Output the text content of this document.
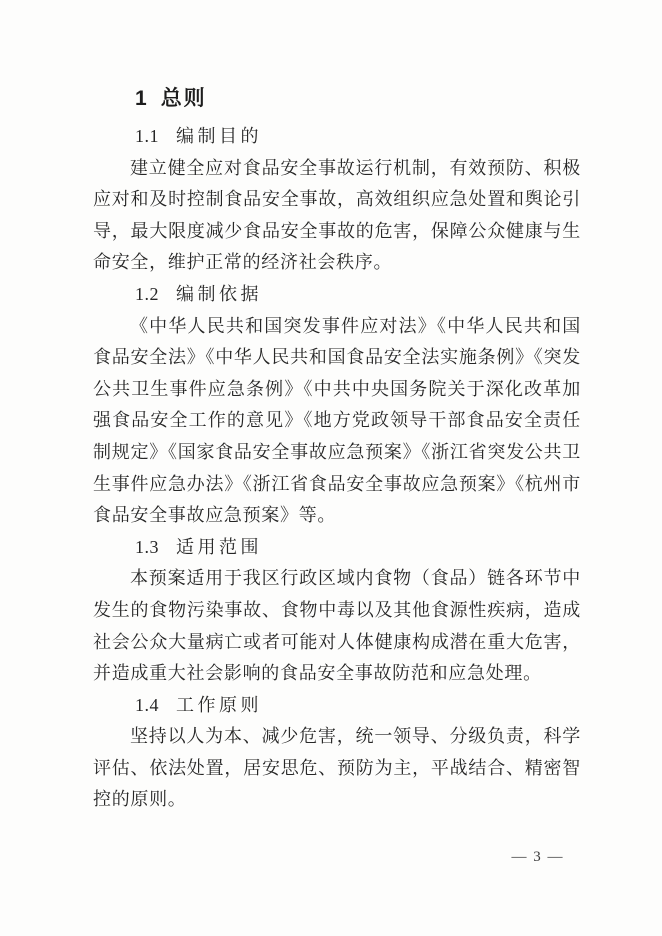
1 总则
1.1 编制目的

建立健全应对食品安全事故运行机制，有效预防、积极应对和及时控制食品安全事故，高效组织应急处置和舆论引导，最大限度减少食品安全事故的危害，保障公众健康与生命安全，维护正常的经济社会秩序。

1.2 编制依据

《中华人民共和国突发事件应对法》《中华人民共和国食品安全法》《中华人民共和国食品安全法实施条例》《突发公共卫生事件应急条例》《中共中央国务院关于深化改革加强食品安全工作的意见》《地方党政领导干部食品安全责任制规定》《国家食品安全事故应急预案》《浙江省突发公共卫生事件应急办法》《浙江省食品安全事故应急预案》《杭州市食品安全事故应急预案》等。

1.3 适用范围

本预案适用于我区行政区域内食物（食品）链各环节中发生的食物污染事故、食物中毒以及其他食源性疾病，造成社会公众大量病亡或者可能对人体健康构成潜在重大危害，并造成重大社会影响的食品安全事故防范和应急处理。

1.4 工作原则

坚持以人为本、减少危害，统一领导、分级负责，科学评估、依法处置，居安思危、预防为主，平战结合、精密智控的原则。

— 3 —
